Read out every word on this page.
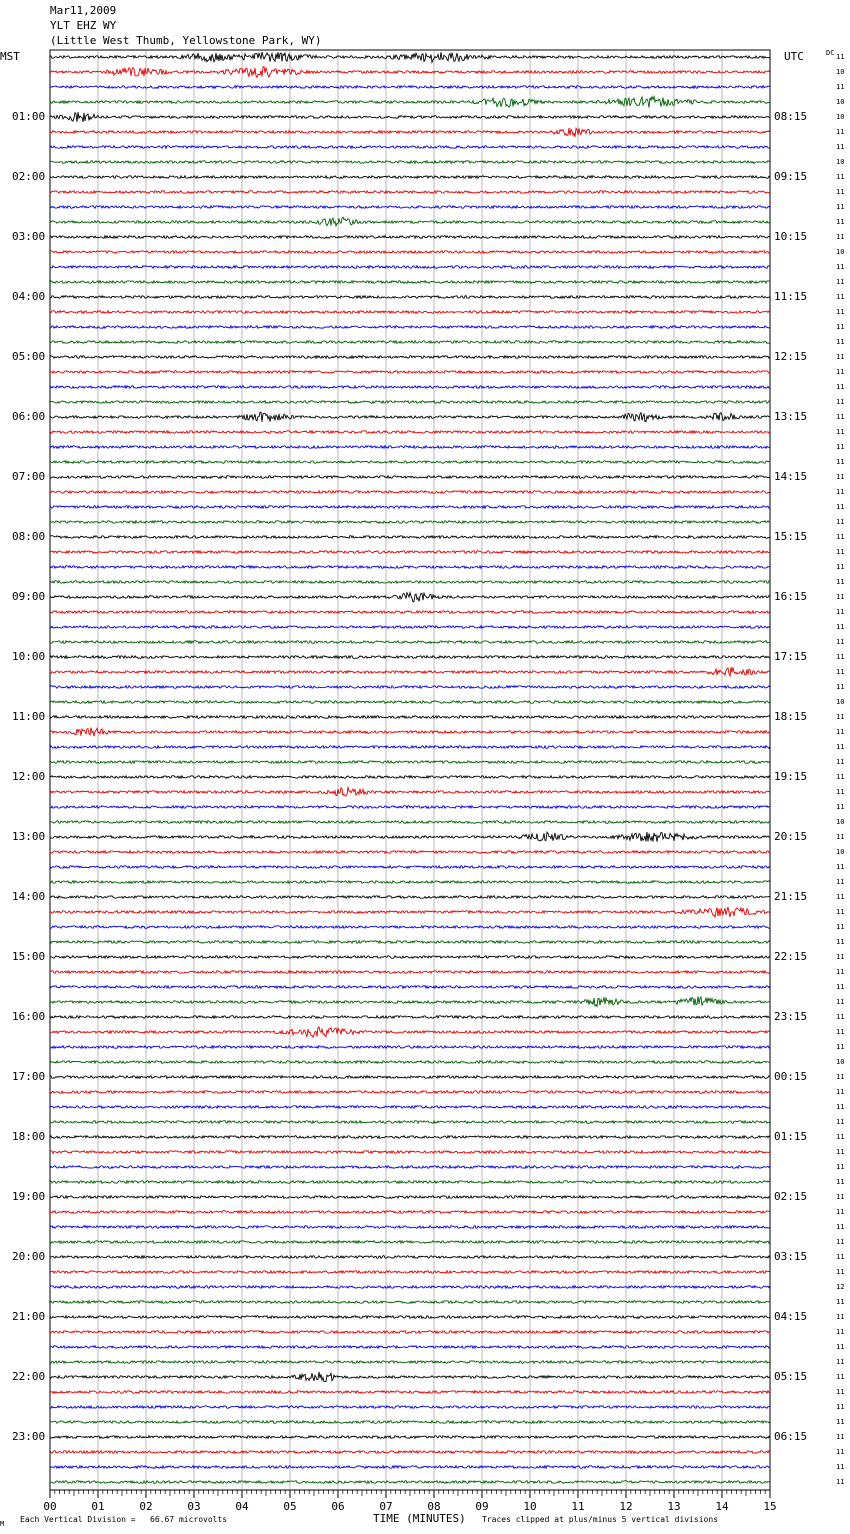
00	01	02	03	04	05	06	07	08	09	10	11	12	13	14	15
Mar11,2009
YLT EHZ WY
(Little West Thumb, Yellowstone Park, WY)
MST	UTC	DC
01:00
02:00
03:00
04:00
05:00
06:00
07:00
08:00
09:00
10:00
11:00
12:00
13:00
14:00
15:00
16:00
17:00
18:00
19:00
20:00
21:00
22:00
23:00
08:15
09:15
10:15
11:15
12:15
13:15
14:15
15:15
16:15
17:15
18:15
19:15
20:15
21:15
22:15
23:15
00:15
01:15
02:15
03:15
04:15
05:15
06:15
11
10
11
10
10
11
11
10
11
11
11
11
11
10
11
11
11
11
11
11
11
11
11
11
11
11
11
11
11
11
11
11
11
11
11
11
11
11
11
11
11
11
11
10
11
11
11
11
11
11
11
10
11
10
11
11
11
11
11
11
11
11
11
11
11
11
11
10
11
11
11
11
11
11
11
11
11
11
11
11
11
11
12
11
11
11
11
11
11
11
11
11
11
11
11
11
M Each Vertical Division =   66.67 microvolts	TIME (MINUTES) Traces clipped at plus/minus 5 vertical divisions
